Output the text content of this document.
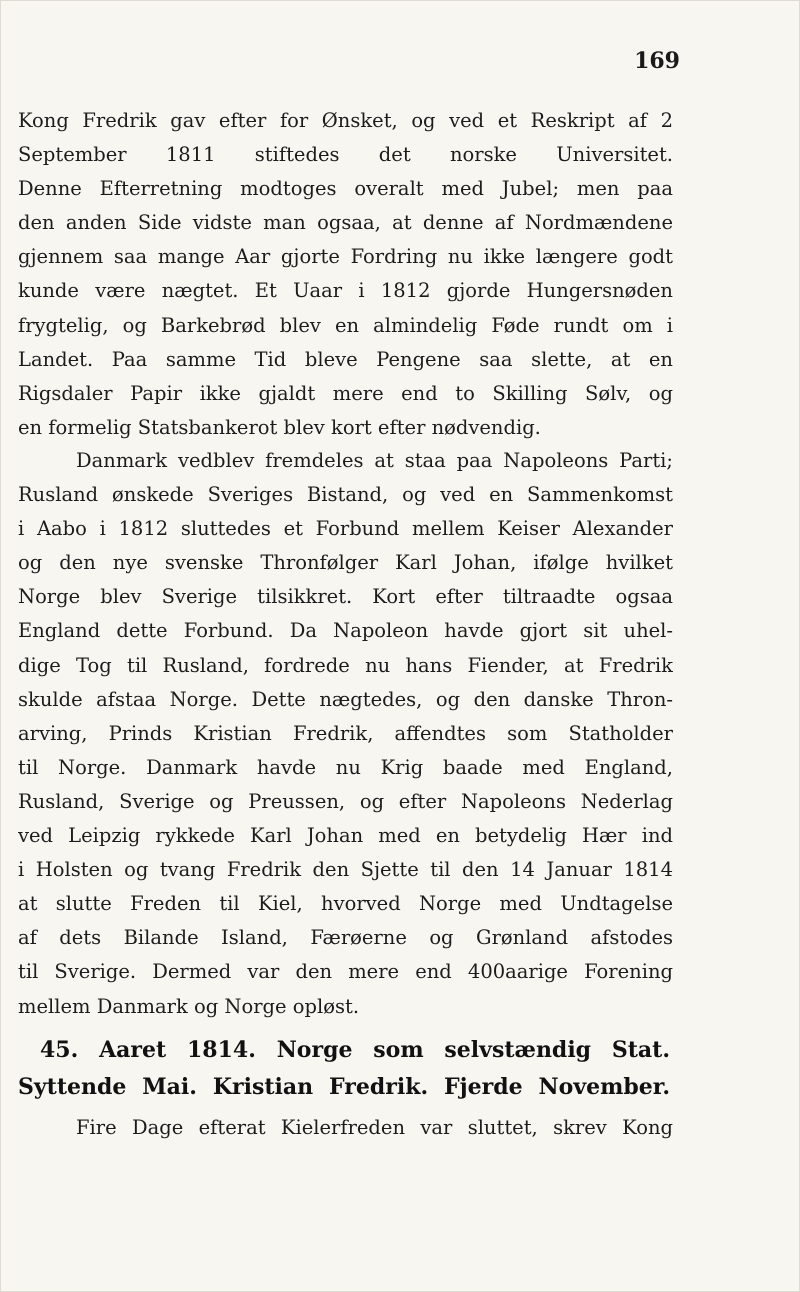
169
Kong Fredrik gav efter for Ønsket, og ved et Reskript af 2
September 1811 stiftedes det norske Universitet.
Denne Efterretning modtoges overalt med Jubel; men paa
den anden Side vidste man ogsaa, at denne af Nordmændene
gjennem saa mange Aar gjorte Fordring nu ikke længere godt
kunde være nægtet. Et Uaar i 1812 gjorde Hungersnøden
frygtelig, og Barkebrød blev en almindelig Føde rundt om i
Landet. Paa samme Tid bleve Pengene saa slette, at en
Rigsdaler Papir ikke gjaldt mere end to Skilling Sølv, og
en formelig Statsbankerot blev kort efter nødvendig.
Danmark vedblev fremdeles at staa paa Napoleons Parti;
Rusland ønskede Sveriges Bistand, og ved en Sammenkomst
i Aabo i 1812 sluttedes et Forbund mellem Keiser Alexander
og den nye svenske Thronfølger Karl Johan, ifølge hvilket
Norge blev Sverige tilsikkret. Kort efter tiltraadte ogsaa
England dette Forbund. Da Napoleon havde gjort sit uhel-
dige Tog til Rusland, fordrede nu hans Fiender, at Fredrik
skulde afstaa Norge. Dette nægtedes, og den danske Thron-
arving, Prinds Kristian Fredrik, affendtes som Statholder
til Norge. Danmark havde nu Krig baade med England,
Rusland, Sverige og Preussen, og efter Napoleons Nederlag
ved Leipzig rykkede Karl Johan med en betydelig Hær ind
i Holsten og tvang Fredrik den Sjette til den 14 Januar 1814
at slutte Freden til Kiel, hvorved Norge med Undtagelse
af dets Bilande Island, Færøerne og Grønland afstodes
til Sverige. Dermed var den mere end 400aarige Forening
mellem Danmark og Norge opløst.
45. Aaret 1814. Norge som selvstændig Stat.
Syttende Mai. Kristian Fredrik. Fjerde November.
Fire Dage efterat Kielerfreden var sluttet, skrev Kong
